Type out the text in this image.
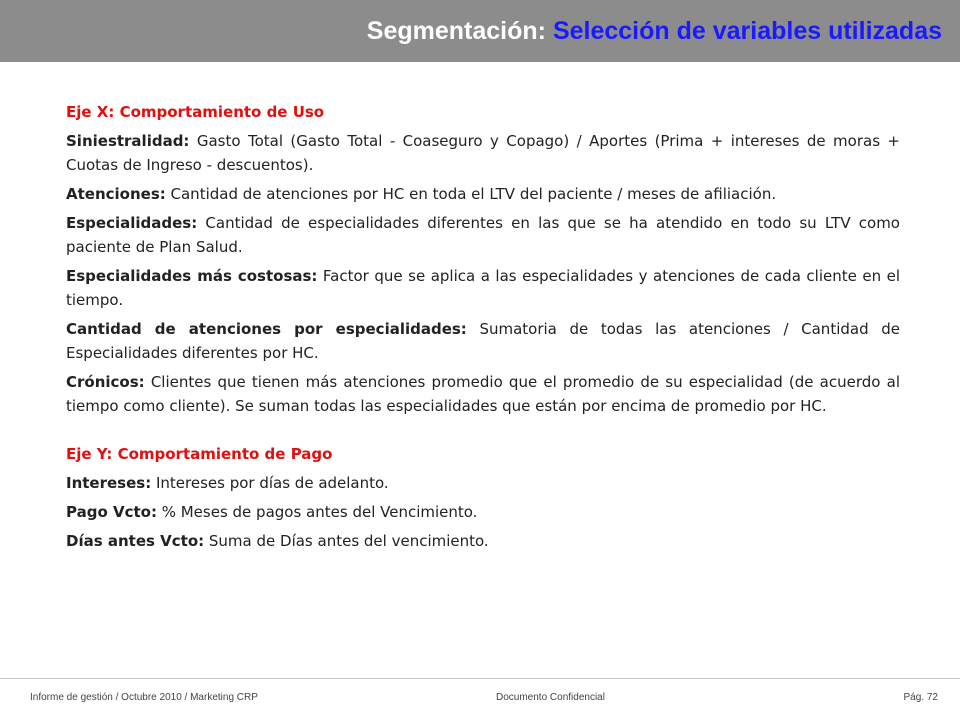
Segmentación: Selección de variables utilizadas
Eje X: Comportamiento de Uso

Siniestralidad: Gasto Total (Gasto Total - Coaseguro y Copago) / Aportes (Prima + intereses de moras + Cuotas de Ingreso - descuentos).

Atenciones: Cantidad de atenciones por HC en toda el LTV del paciente / meses de afiliación.

Especialidades: Cantidad de especialidades diferentes en las que se ha atendido en todo su LTV como paciente de Plan Salud.

Especialidades más costosas: Factor que se aplica a las especialidades y atenciones de cada cliente en el tiempo.

Cantidad de atenciones por especialidades: Sumatoria de todas las atenciones / Cantidad de Especialidades diferentes por HC.

Crónicos: Clientes que tienen más atenciones promedio que el promedio de su especialidad (de acuerdo al tiempo como cliente). Se suman todas las especialidades que están por encima de promedio por HC.

Eje Y: Comportamiento de Pago

Intereses: Intereses por días de adelanto.

Pago Vcto: % Meses de pagos antes del Vencimiento.

Días antes Vcto: Suma de Días antes del vencimiento.

Informe de gestión / Octubre 2010 / Marketing CRP	Documento Confidencial	Pág. 72
